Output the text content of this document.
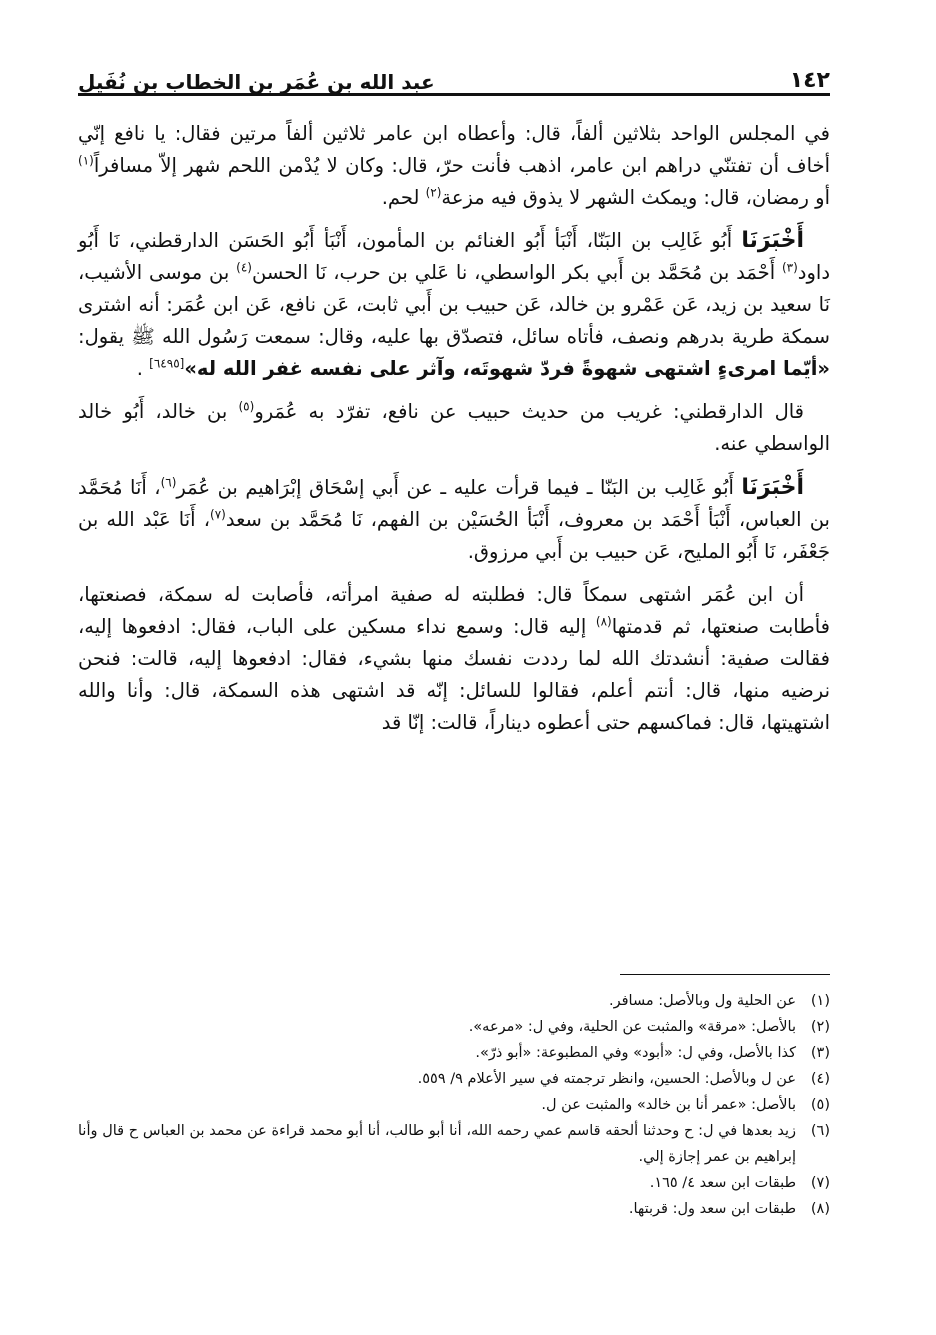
١٤٢
عبد الله بن عُمَر بن الخطاب بن نُفَيل

في المجلس الواحد بثلاثين ألفاً، قال: وأعطاه ابن عامر ثلاثين ألفاً مرتين فقال: يا نافع إنّي أخاف أن تفتنّي دراهم ابن عامر، اذهب فأنت حرّ، قال: وكان لا يُدْمن اللحم شهر إلاّ مسافراً$^{(١)}$ أو رمضان، قال: ويمكث الشهر لا يذوق فيه مزعة$^{(٢)}$ لحم.

أَخْبَرَنَا أَبُو غَالِب بن البَنّا، أَنْبَأ أَبُو الغنائم بن المأمون، أَنْبَأ أَبُو الحَسَن الدارقطني، نَا أَبُو داود$^{(٣)}$ أَحْمَد بن مُحَمَّد بن أَبي بكر الواسطي، نا عَلي بن حرب، نَا الحسن$^{(٤)}$ بن موسى الأشيب، نَا سعيد بن زيد، عَن عَمْرو بن خالد، عَن حبيب بن أَبي ثابت، عَن نافع، عَن ابن عُمَر: أنه اشترى سمكة طرية بدرهم ونصف، فأتاه سائل، فتصدّق بها عليه، وقال: سمعت رَسُول الله ﷺ يقول: «أيّما امرىءٍ اشتهى شهوةً فردّ شهوتَه، وآثر على نفسه غفر الله له»[٦٤٩٥] .

قال الدارقطني: غريب من حديث حبيب عن نافع، تفرّد به عُمَرو$^{(٥)}$ بن خالد، أَبُو خالد الواسطي عنه.

أَخْبَرَنَا أَبُو غَالِب بن البَنّا ـ فيما قرأت عليه ـ عن أَبي إسْحَاق إبْرَاهيم بن عُمَر$^{(٦)}$، أَنَا مُحَمَّد بن العباس، أَنْبَأ أَحْمَد بن معروف، أَنْبَأ الحُسَيْن بن الفهم، نَا مُحَمَّد بن سعد$^{(٧)}$، أَنَا عَبْد الله بن جَعْفَر، نَا أَبُو المليح، عَن حبيب بن أَبي مرزوق.

أن ابن عُمَر اشتهى سمكاً قال: فطلبته له صفية امرأته، فأصابت له سمكة، فصنعتها، فأطابت صنعتها، ثم قدمتها$^{(٨)}$ إليه قال: وسمع نداء مسكين على الباب، فقال: ادفعوها إليه، فقالت صفية: أنشدتك الله لما رددت نفسك منها بشيء، فقال: ادفعوها إليه، قالت: فنحن نرضيه منها، قال: أنتم أعلم، فقالوا للسائل: إنّه قد اشتهى هذه السمكة، قال: وأنا والله اشتهيتها، قال: فماكسهم حتى أعطوه ديناراً، قالت: إنّا قد

(١)
عن الحلية ول وبالأصل: مسافر.
(٢)
بالأصل: «مرقة» والمثبت عن الحلية، وفي ل: «مرعه».
(٣)
كذا بالأصل، وفي ل: «أبود» وفي المطبوعة: «أبو ذرّ».
(٤)
عن ل وبالأصل: الحسين، وانظر ترجمته في سير الأعلام ٩/ ٥٥٩.
(٥)
بالأصل: «عمر أنا بن خالد» والمثبت عن ل.
(٦)
زيد بعدها في ل: ح وحدثنا ألحقه قاسم عمي رحمه الله، أنا أبو طالب، أنا أبو محمد قراءة عن محمد بن العباس ح قال وأنا إبراهيم بن عمر إجازة إلي.
(٧)
طبقات ابن سعد ٤/ ١٦٥.
(٨)
طبقات ابن سعد ول: قربتها.
